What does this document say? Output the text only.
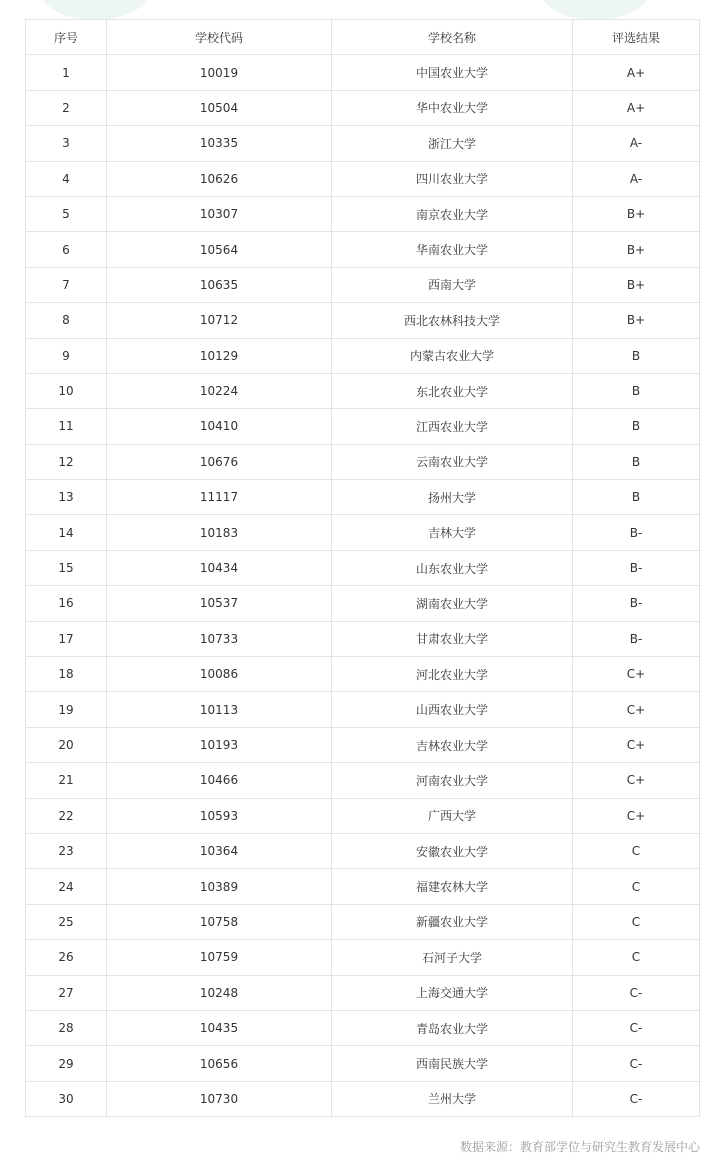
序号	学校代码	学校名称	评选结果
1	10019	中国农业大学	A+
2	10504	华中农业大学	A+
3	10335	浙江大学	A-
4	10626	四川农业大学	A-
5	10307	南京农业大学	B+
6	10564	华南农业大学	B+
7	10635	西南大学	B+
8	10712	西北农林科技大学	B+
9	10129	内蒙古农业大学	B
10	10224	东北农业大学	B
11	10410	江西农业大学	B
12	10676	云南农业大学	B
13	11117	扬州大学	B
14	10183	吉林大学	B-
15	10434	山东农业大学	B-
16	10537	湖南农业大学	B-
17	10733	甘肃农业大学	B-
18	10086	河北农业大学	C+
19	10113	山西农业大学	C+
20	10193	吉林农业大学	C+
21	10466	河南农业大学	C+
22	10593	广西大学	C+
23	10364	安徽农业大学	C
24	10389	福建农林大学	C
25	10758	新疆农业大学	C
26	10759	石河子大学	C
27	10248	上海交通大学	C-
28	10435	青岛农业大学	C-
29	10656	西南民族大学	C-
30	10730	兰州大学	C-
数据来源：教育部学位与研究生教育发展中心
